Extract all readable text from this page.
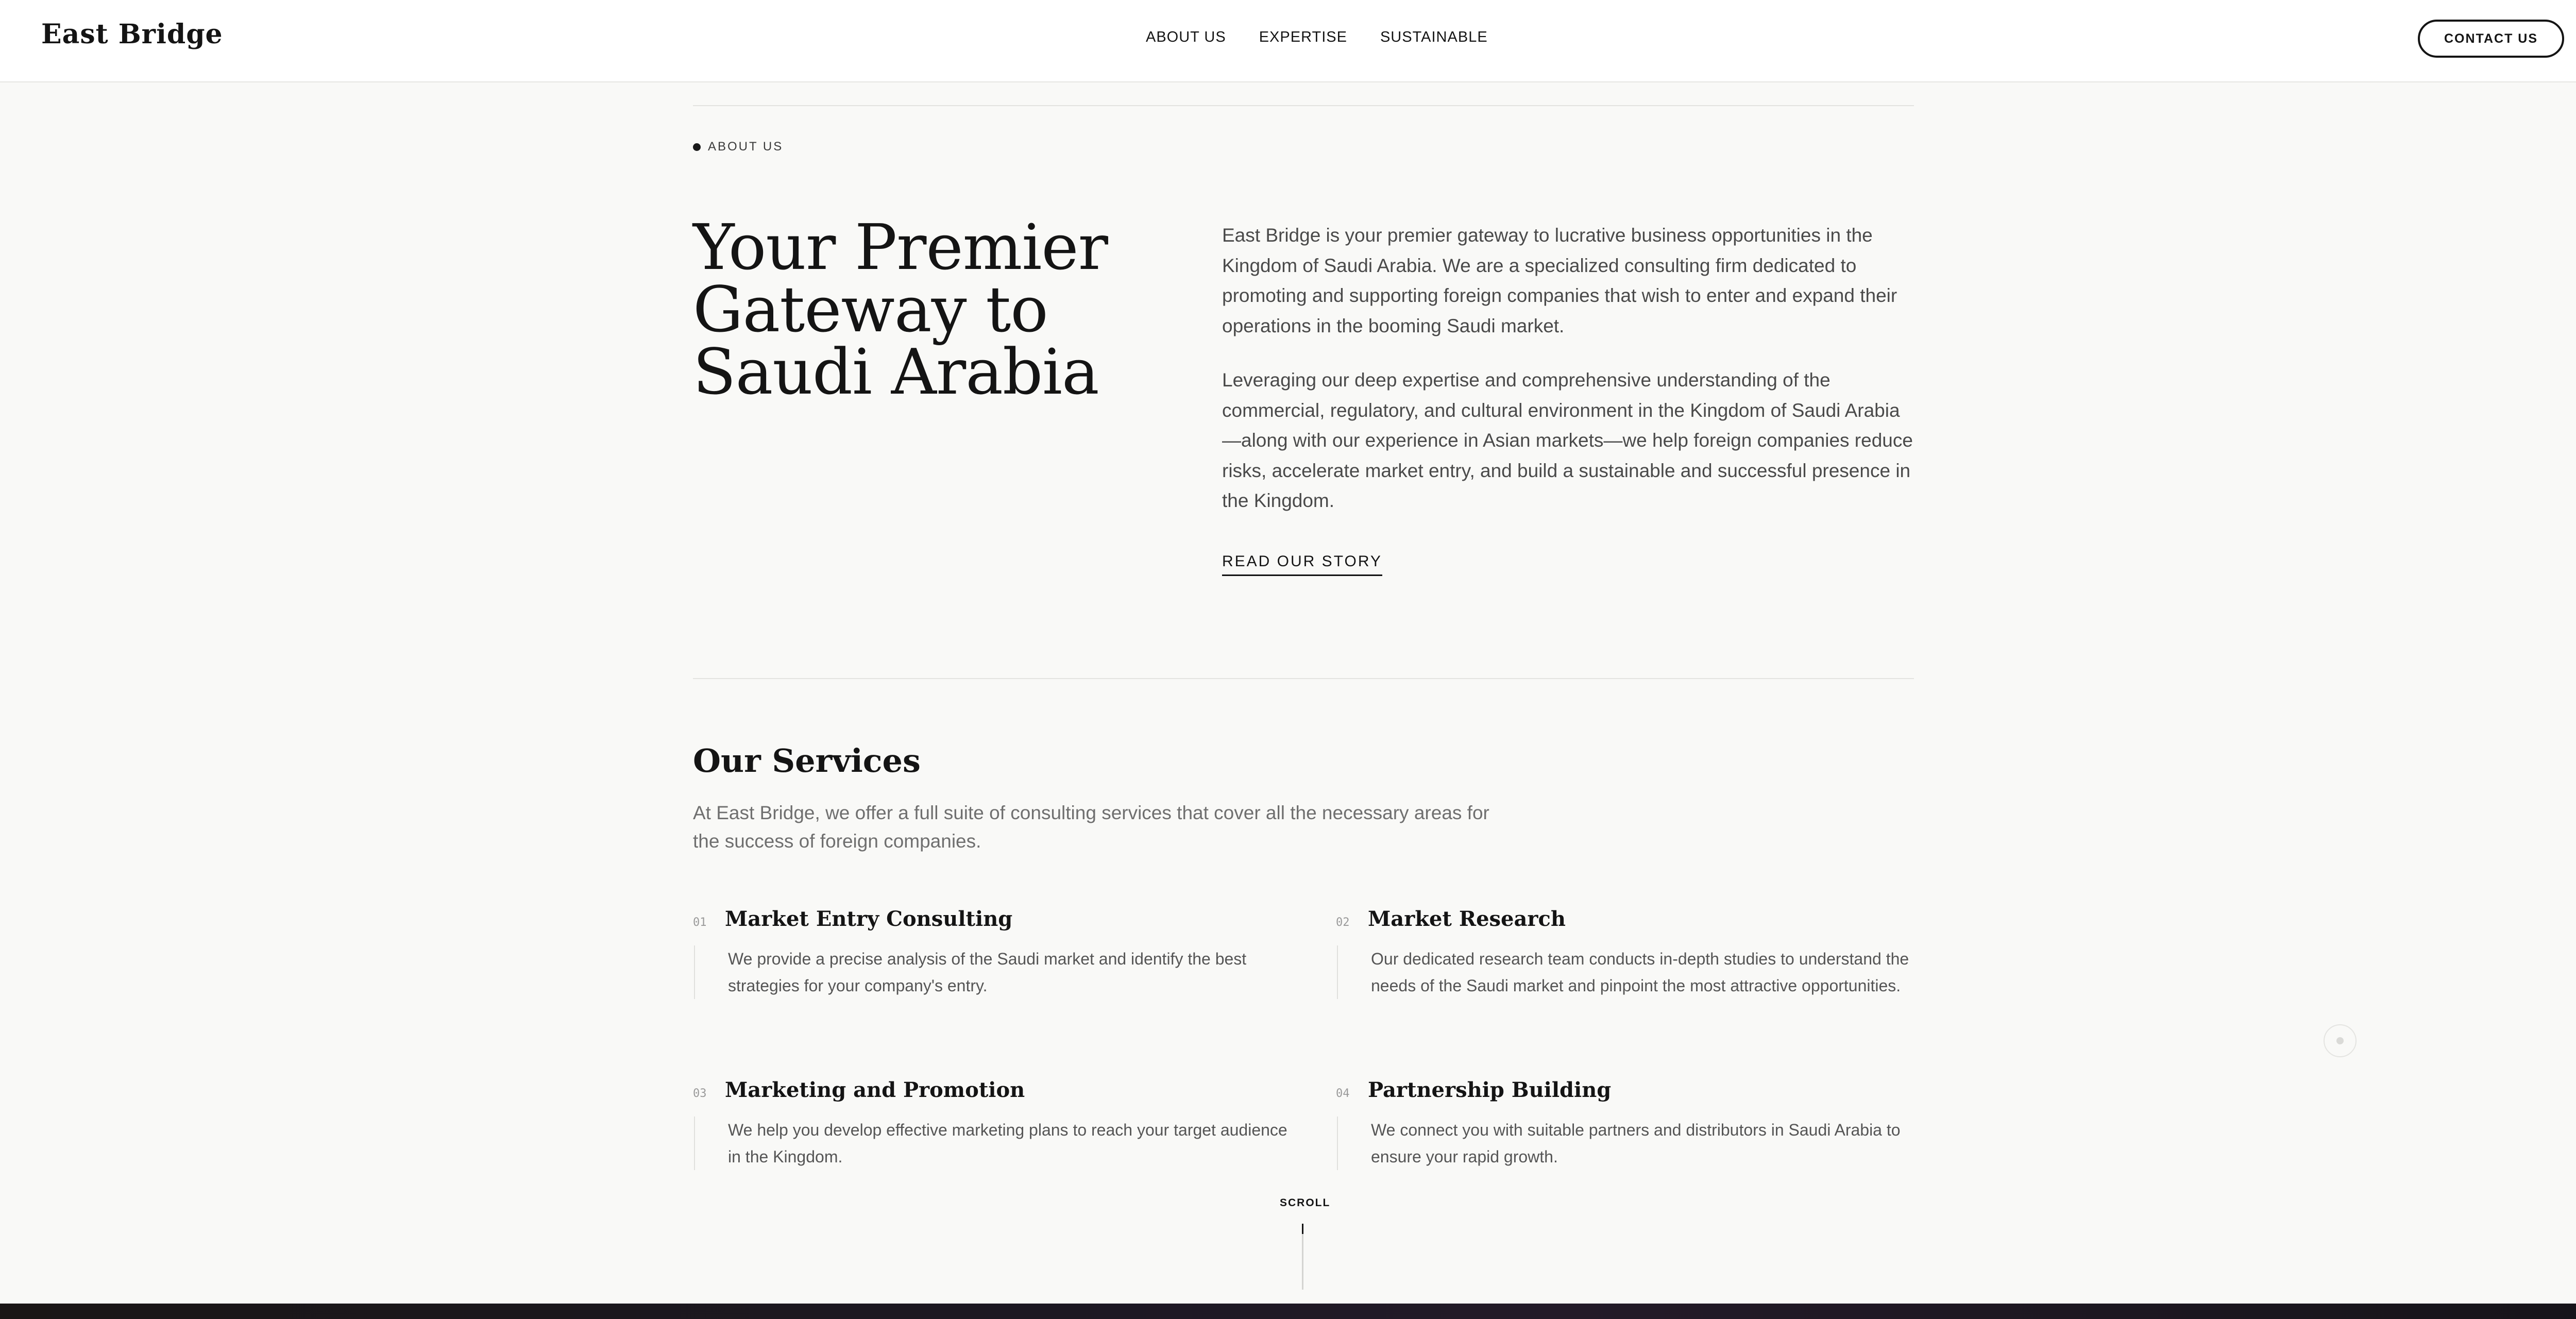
East Bridge	ABOUT US EXPERTISE SUSTAINABLE	CONTACT US
ABOUT US
Your Premier Gateway to Saudi Arabia

East Bridge is your premier gateway to lucrative business opportunities in the Kingdom of Saudi Arabia. We are a specialized consulting firm dedicated to promoting and supporting foreign companies that wish to enter and expand their operations in the booming Saudi market.

Leveraging our deep expertise and comprehensive understanding of the commercial, regulatory, and cultural environment in the Kingdom of Saudi Arabia—along with our experience in Asian markets—we help foreign companies reduce risks, accelerate market entry, and build a sustainable and successful presence in the Kingdom.

READ OUR STORY
Our Services

At East Bridge, we offer a full suite of consulting services that cover all the necessary areas for the success of foreign companies.

01 Market Entry Consulting
We provide a precise analysis of the Saudi market and identify the best strategies for your company's entry.
02 Market Research
Our dedicated research team conducts in-depth studies to understand the needs of the Saudi market and pinpoint the most attractive opportunities.
03 Marketing and Promotion
We help you develop effective marketing plans to reach your target audience in the Kingdom.
04 Partnership Building
We connect you with suitable partners and distributors in Saudi Arabia to ensure your rapid growth.
SCROLL
